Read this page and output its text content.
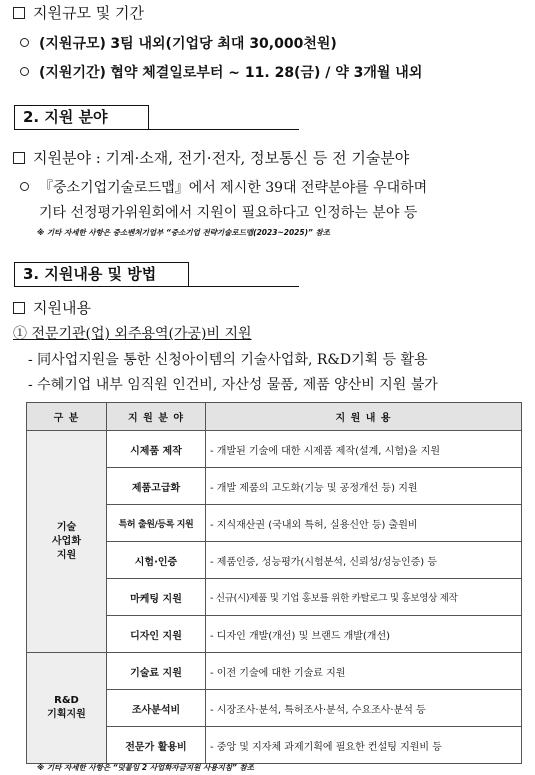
지원규모 및 기간
(지원규모) 3팀 내외(기업당 최대 30,000천원)
(지원기간) 협약 체결일로부터 ~ 11. 28(금) / 약 3개월 내외
2. 지원 분야
지원분야 : 기계·소재, 전기·전자, 정보통신 등 전 기술분야
『중소기업기술로드맵』에서 제시한 39대 전략분야를 우대하며
기타 선정평가위원회에서 지원이 필요하다고 인정하는 분야 등
※ 기타 자세한 사항은 중소벤처기업부 “중소기업 전략기술로드맵(2023~2025)” 참조
3. 지원내용 및 방법
지원내용
① 전문기관(업) 외주용역(가공)비 지원
- 同사업지원을 통한 신청아이템의 기술사업화, R&D기획 등 활용
- 수혜기업 내부 임직원 인건비, 자산성 물품, 제품 양산비 지원 불가
구 분	지 원 분 야	지 원 내 용

기술
사업화
지원	시제품 제작	- 개발된 기술에 대한 시제품 제작(설계, 시험)을 지원
	제품고급화	- 개발 제품의 고도화(기능 및 공정개선 등) 지원
	특허 출원/등록 지원	- 지식재산권 (국내외 특허, 실용신안 등) 출원비
	시험·인증	- 제품인증, 성능평가(시험분석, 신뢰성/성능인증) 등
	마케팅 지원	- 신규(시)제품 및 기업 홍보를 위한 카탈로그 및 홍보영상 제작
	디자인 지원	- 디자인 개발(개선) 및 브랜드 개발(개선)

R&D
기획지원	기술료 지원	- 이전 기술에 대한 기술료 지원
	조사분석비	- 시장조사·분석, 특허조사·분석, 수요조사·분석 등
	전문가 활용비	- 중앙 및 지자체 과제기획에 필요한 컨설팅 지원비 등
※ 기타 자세한 사항은 “덧붙임 2 사업화자금지원 사용지침” 참조
